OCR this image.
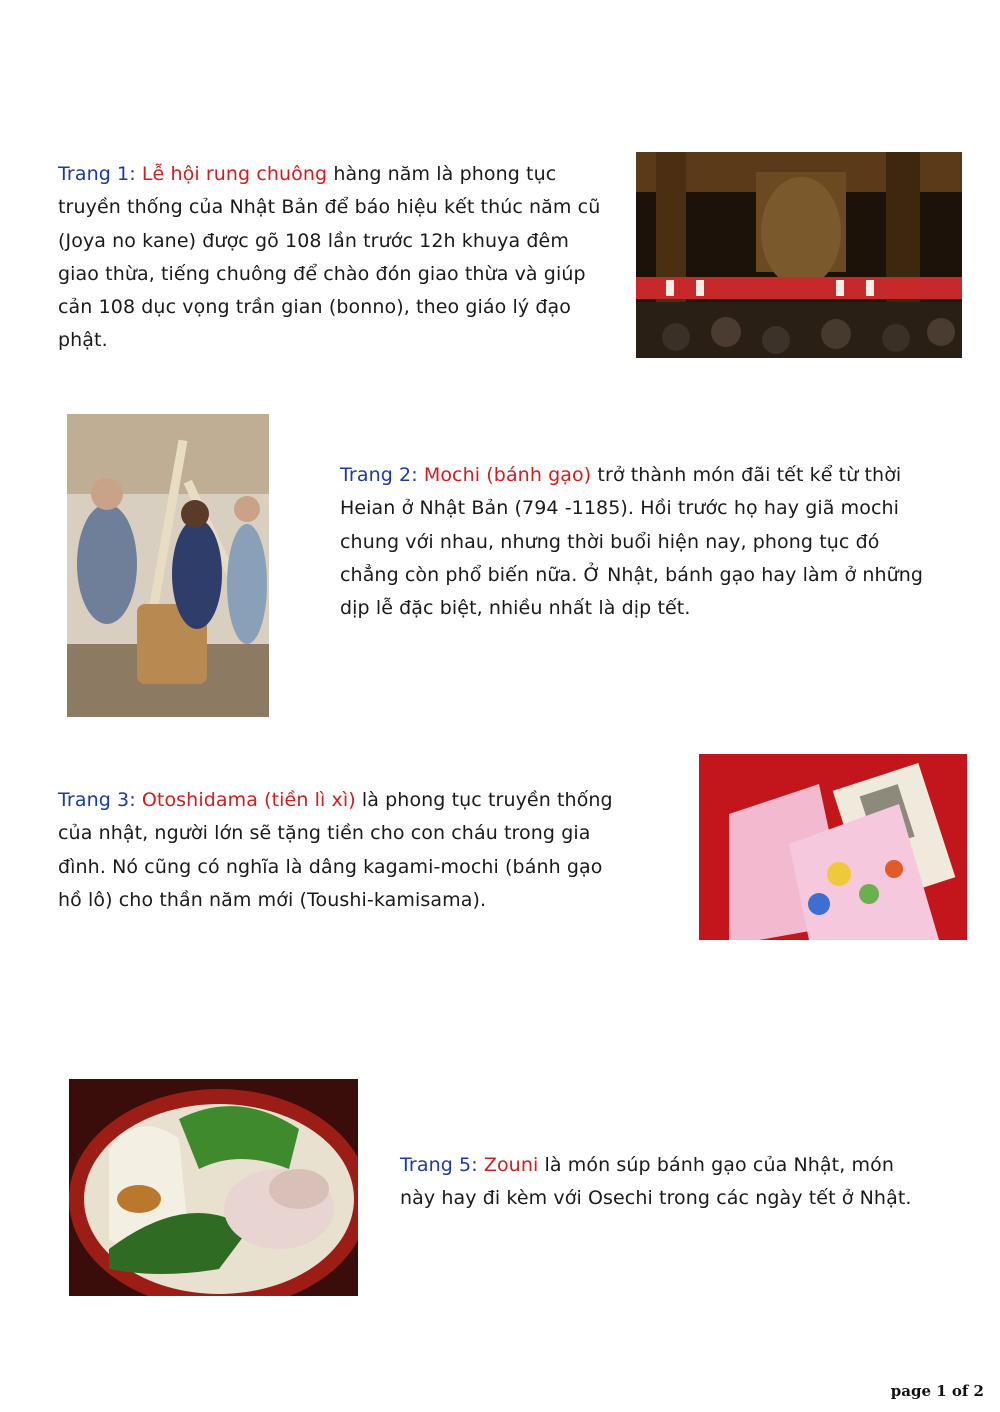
Trang 1: Lễ hội rung chuông hàng năm là phong tục truyền thống của Nhật Bản để báo hiệu kết thúc năm cũ (Joya no kane) được gõ 108 lần trước 12h khuya đêm giao thừa, tiếng chuông để chào đón giao thừa và giúp cản 108 dục vọng trần gian (bonno), theo giáo lý đạo phật.

Trang 2: Mochi (bánh gạo) trở thành món đãi tết kể từ thời Heian ở Nhật Bản (794 -1185). Hồi trước họ hay giã mochi chung với nhau, nhưng thời buổi hiện nay, phong tục đó chẳng còn phổ biến nữa. Ở Nhật, bánh gạo hay làm ở những dịp lễ đặc biệt, nhiều nhất là dịp tết.

Trang 3: Otoshidama (tiền lì xì) là phong tục truyền thống của nhật, người lớn sẽ tặng tiền cho con cháu trong gia đình. Nó cũng có nghĩa là dâng kagami-mochi (bánh gạo hồ lô) cho thần năm mới (Toushi-kamisama).

Trang 5: Zouni là món súp bánh gạo của Nhật, món này hay đi kèm với Osechi trong các ngày tết ở Nhật.

page 1 of 2
